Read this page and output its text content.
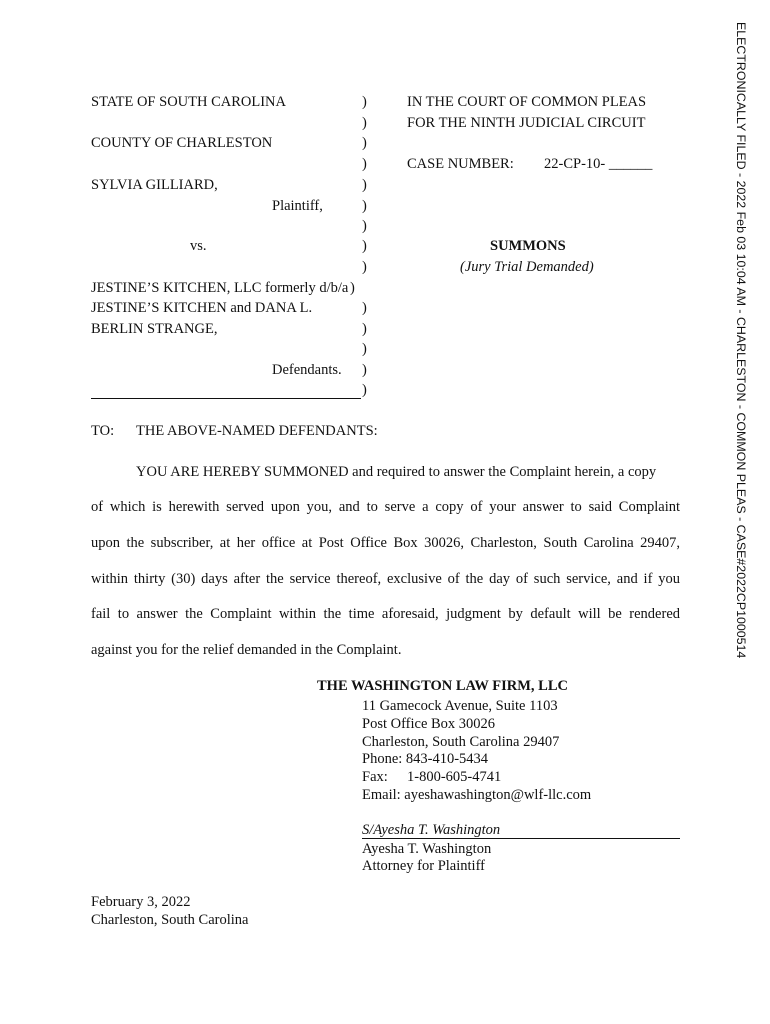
ELECTRONICALLY FILED - 2022 Feb 03 10:04 AM - CHARLESTON - COMMON PLEAS - CASE#2022CP1000514
STATE OF SOUTH CAROLINA
COUNTY OF CHARLESTON
SYLVIA GILLIARD,
Plaintiff,
vs.
JESTINE’S KITCHEN, LLC formerly d/b/a
JESTINE’S KITCHEN and DANA L.
BERLIN STRANGE,
Defendants.
)
)
)
)
)
)
)
)
)
)
)
)
)
)
)
IN THE COURT OF COMMON PLEAS
FOR THE NINTH JUDICIAL CIRCUIT
CASE NUMBER: 22-CP-10- ______
SUMMONS
(Jury Trial Demanded)
TO: THE ABOVE-NAMED DEFENDANTS:
YOU ARE HEREBY SUMMONED and required to answer the Complaint herein, a copy
of which is herewith served upon you, and to serve a copy of your answer to said Complaint
upon the subscriber, at her office at Post Office Box 30026, Charleston, South Carolina 29407,
within thirty (30) days after the service thereof, exclusive of the day of such service, and if you
fail to answer the Complaint within the time aforesaid, judgment by default will be rendered
against you for the relief demanded in the Complaint.
THE WASHINGTON LAW FIRM, LLC
11 Gamecock Avenue, Suite 1103
Post Office Box 30026
Charleston, South Carolina 29407
Phone: 843-410-5434
Fax: 1-800-605-4741
Email: ayeshawashington@wlf-llc.com
S/Ayesha T. Washington
Ayesha T. Washington
Attorney for Plaintiff
February 3, 2022
Charleston, South Carolina
